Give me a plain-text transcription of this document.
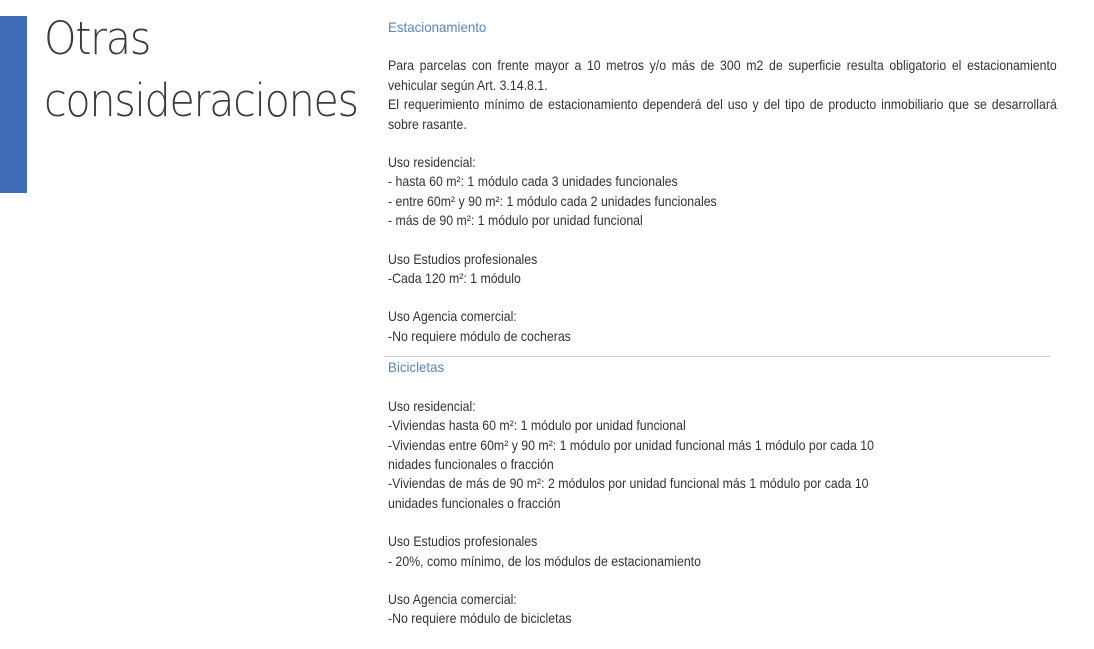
Otras
consideraciones
Estacionamiento

Para parcelas con frente mayor a 10 metros y/o más de 300 m2 de superficie resulta obligatorio el estacionamiento vehicular según Art. 3.14.8.1.
El requerimiento mínimo de estacionamiento dependerá del uso y del tipo de producto inmobiliario que se desarrollará sobre rasante.

Uso residencial:
- hasta 60 m²: 1 módulo cada 3 unidades funcionales
- entre 60m² y 90 m²: 1 módulo cada 2 unidades funcionales
- más de 90 m²: 1 módulo por unidad funcional

Uso Estudios profesionales
-Cada 120 m²: 1 módulo

Uso Agencia comercial:
-No requiere módulo de cocheras

Bicicletas

Uso residencial:
-Viviendas hasta 60 m²: 1 módulo por unidad funcional
-Viviendas entre 60m² y 90 m²: 1 módulo por unidad funcional más 1 módulo por cada 10
nidades funcionales o fracción
-Viviendas de más de 90 m²: 2 módulos por unidad funcional más 1 módulo por cada 10
unidades funcionales o fracción

Uso Estudios profesionales
- 20%, como mínimo, de los módulos de estacionamiento

Uso Agencia comercial:
-No requiere módulo de bicicletas
